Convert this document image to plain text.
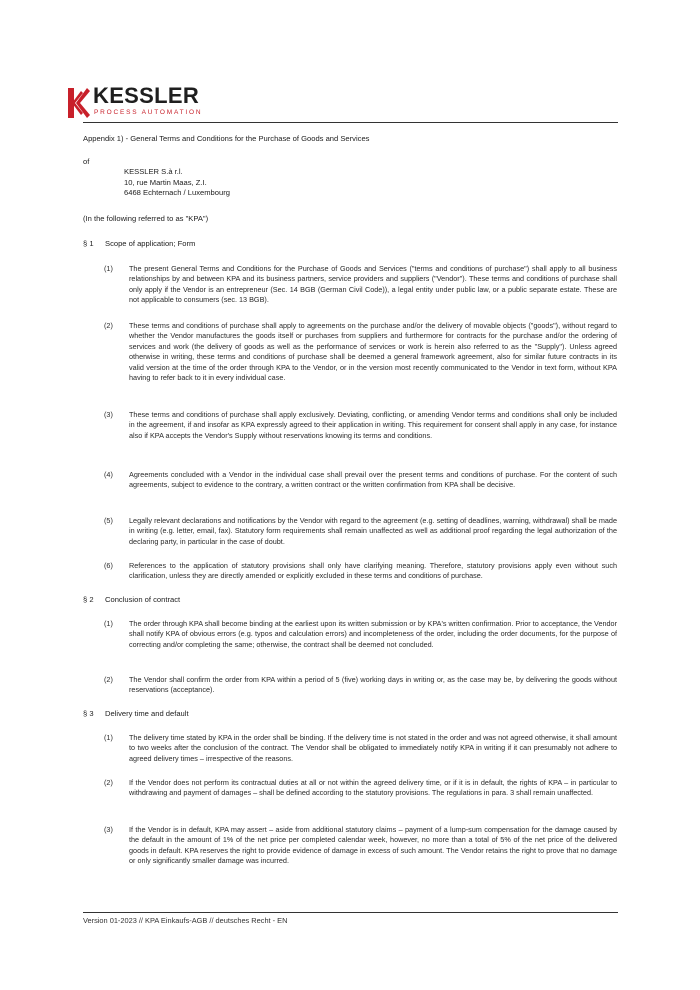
KESSLER
PROCESS AUTOMATION
Appendix 1) - General Terms and Conditions for the Purchase of Goods and Services
of
KESSLER S.à r.l.
10, rue Martin Maas, Z.I.
6468 Echternach / Luxembourg
(In the following referred to as "KPA")
§ 1 Scope of application; Form
(1) The present General Terms and Conditions for the Purchase of Goods and Services ("terms and conditions of purchase") shall apply to all business relationships by and between KPA and its business partners, service providers and suppliers ("Vendor"). These terms and conditions of purchase shall only apply if the Vendor is an entrepreneur (Sec. 14 BGB (German Civil Code)), a legal entity under public law, or a public separate estate. These are not applicable to consumers (sec. 13 BGB).
(2) These terms and conditions of purchase shall apply to agreements on the purchase and/or the delivery of movable objects ("goods"), without regard to whether the Vendor manufactures the goods itself or purchases from suppliers and furthermore for contracts for the purchase and/or the ordering of services and work (the delivery of goods as well as the performance of services or work is herein also referred to as the "Supply"). Unless agreed otherwise in writing, these terms and conditions of purchase shall be deemed a general framework agreement, also for similar future contracts in its valid version at the time of the order through KPA to the Vendor, or in the version most recently communicated to the Vendor in text form, without KPA having to refer back to it in every individual case.
(3) These terms and conditions of purchase shall apply exclusively. Deviating, conflicting, or amending Vendor terms and conditions shall only be included in the agreement, if and insofar as KPA expressly agreed to their application in writing. This requirement for consent shall apply in any case, for instance also if KPA accepts the Vendor's Supply without reservations knowing its terms and conditions.
(4) Agreements concluded with a Vendor in the individual case shall prevail over the present terms and conditions of purchase. For the content of such agreements, subject to evidence to the contrary, a written contract or the written confirmation from KPA shall be decisive.
(5) Legally relevant declarations and notifications by the Vendor with regard to the agreement (e.g. setting of deadlines, warning, withdrawal) shall be made in writing (e.g. letter, email, fax). Statutory form requirements shall remain unaffected as well as additional proof regarding the legal authorization of the declaring party, in particular in the case of doubt.
(6) References to the application of statutory provisions shall only have clarifying meaning. Therefore, statutory provisions apply even without such clarification, unless they are directly amended or explicitly excluded in these terms and conditions of purchase.
§ 2 Conclusion of contract
(1) The order through KPA shall become binding at the earliest upon its written submission or by KPA's written confirmation. Prior to acceptance, the Vendor shall notify KPA of obvious errors (e.g. typos and calculation errors) and incompleteness of the order, including the order documents, for the purpose of correcting and/or completing the same; otherwise, the contract shall be deemed not concluded.
(2) The Vendor shall confirm the order from KPA within a period of 5 (five) working days in writing or, as the case may be, by delivering the goods without reservations (acceptance).
§ 3 Delivery time and default
(1) The delivery time stated by KPA in the order shall be binding. If the delivery time is not stated in the order and was not agreed otherwise, it shall amount to two weeks after the conclusion of the contract. The Vendor shall be obligated to immediately notify KPA in writing if it can presumably not adhere to agreed delivery times – irrespective of the reasons.
(2) If the Vendor does not perform its contractual duties at all or not within the agreed delivery time, or if it is in default, the rights of KPA – in particular to withdrawing and payment of damages – shall be defined according to the statutory provisions. The regulations in para. 3 shall remain unaffected.
(3) If the Vendor is in default, KPA may assert – aside from additional statutory claims – payment of a lump-sum compensation for the damage caused by the default in the amount of 1% of the net price per completed calendar week, however, no more than a total of 5% of the net price of the delivered goods in default. KPA reserves the right to provide evidence of damage in excess of such amount. The Vendor retains the right to prove that no damage or only significantly smaller damage was incurred.
Version 01-2023 // KPA Einkaufs-AGB // deutsches Recht - EN
